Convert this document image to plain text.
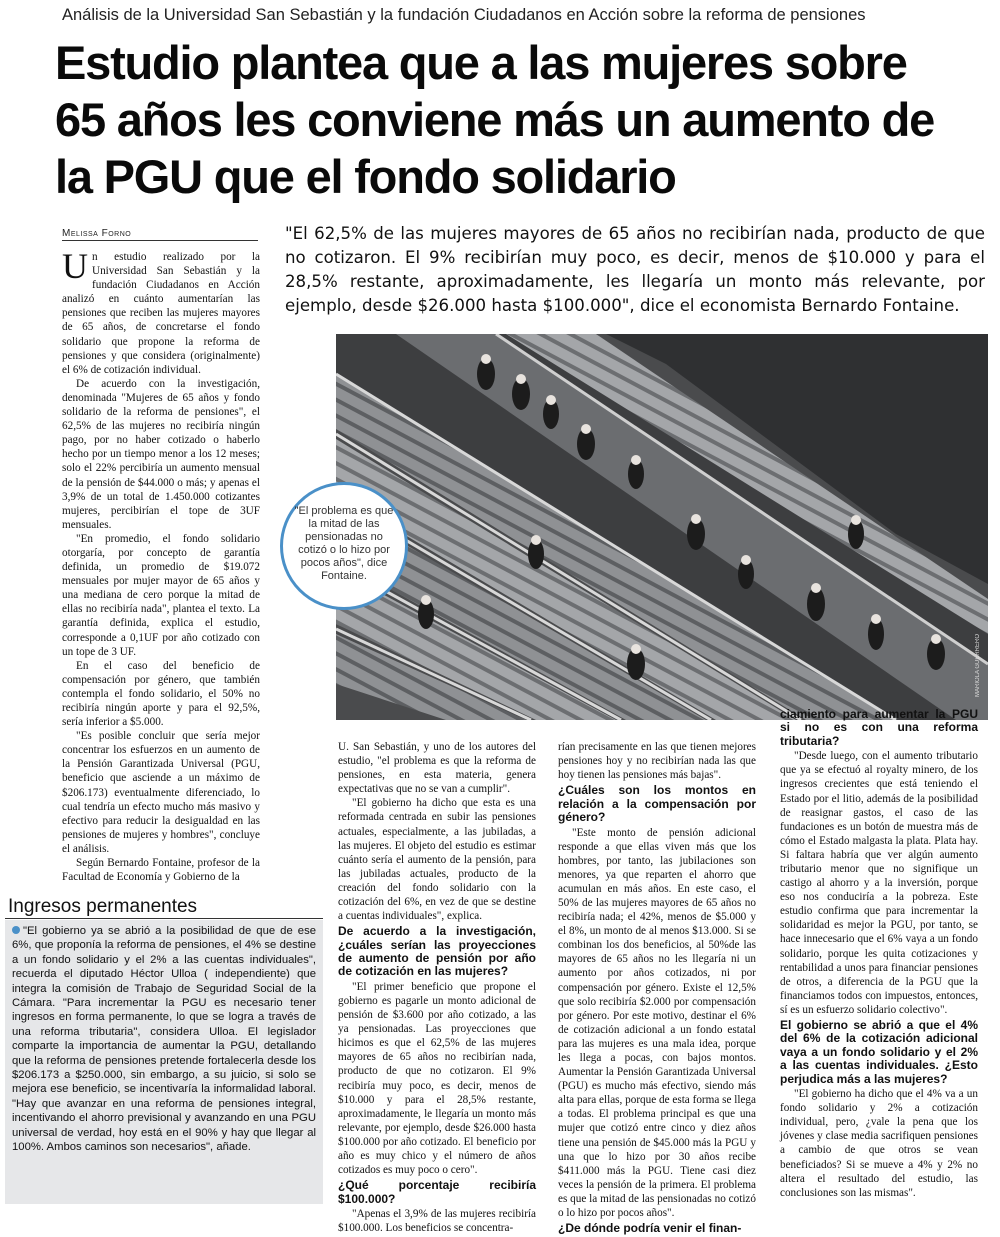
Análisis de la Universidad San Sebastián y la fundación Ciudadanos en Acción sobre la reforma de pensiones
Estudio plantea que a las mujeres sobre
65 años les conviene más un aumento de
la PGU que el fondo solidario
Melissa Forno	"El 62,5% de las mujeres mayores de 65 años no recibirían nada, producto de que no cotizaron. El 9% recibirían muy poco, es decir, menos de $10.000 y para el 28,5% restante, aproximadamente, les llegaría un monto más relevante, por ejemplo, desde $26.000 hasta $100.000", dice el economista Bernardo Fontaine.
MARIOLA GUERRERO
"El problema es que la mitad de las pensionadas no cotizó o lo hizo por pocos años", dice Fontaine.

Un estudio realizado por la Universidad San Sebastián y la fundación Ciudadanos en Acción analizó en cuánto aumentarían las pensiones que reciben las mujeres mayores de 65 años, de concretarse el fondo solidario que propone la reforma de pensiones y que considera (originalmente) el 6% de cotización individual.

De acuerdo con la investigación, denominada "Mujeres de 65 años y fondo solidario de la reforma de pensiones", el 62,5% de las mujeres no recibiría ningún pago, por no haber cotizado o haberlo hecho por un tiempo menor a los 12 meses; solo el 22% percibiría un aumento mensual de la pensión de $44.000 o más; y apenas el 3,9% de un total de 1.450.000 cotizantes mujeres, percibirían el tope de 3UF mensuales.

"En promedio, el fondo solidario otorgaría, por concepto de garantía definida, un promedio de $19.072 mensuales por mujer mayor de 65 años y una mediana de cero porque la mitad de ellas no recibiría nada", plantea el texto. La garantía definida, explica el estudio, corresponde a 0,1UF por año cotizado con un tope de 3 UF.

En el caso del beneficio de compensación por género, que también contempla el fondo solidario, el 50% no recibiría ningún aporte y para el 92,5%, sería inferior a $5.000.

"Es posible concluir que sería mejor concentrar los esfuerzos en un aumento de la Pensión Garantizada Universal (PGU, beneficio que asciende a un máximo de $206.173) eventualmente diferenciado, lo cual tendría un efecto mucho más masivo y efectivo para reducir la desigualdad en las pensiones de mujeres y hombres", concluye el análisis.

Según Bernardo Fontaine, profesor de la Facultad de Economía y Gobierno de la

U. San Sebastián, y uno de los autores del estudio, "el problema es que la reforma de pensiones, en esta materia, genera expectativas que no se van a cumplir".

"El gobierno ha dicho que esta es una reformada centrada en subir las pensiones actuales, especialmente, a las jubiladas, a las mujeres. El objeto del estudio es estimar cuánto sería el aumento de la pensión, para las jubiladas actuales, producto de la creación del fondo solidario con la cotización del 6%, en vez de que se destine a cuentas individuales", explica.

De acuerdo a la investigación, ¿cuáles serían las proyecciones de aumento de pensión por año de cotización en las mujeres?

"El primer beneficio que propone el gobierno es pagarle un monto adicional de pensión de $3.600 por año cotizado, a las ya pensionadas. Las proyecciones que hicimos es que el 62,5% de las mujeres mayores de 65 años no recibirían nada, producto de que no cotizaron. El 9% recibiría muy poco, es decir, menos de $10.000 y para el 28,5% restante, aproximadamente, le llegaría un monto más relevante, por ejemplo, desde $26.000 hasta $100.000 por año cotizado. El beneficio por año es muy chico y el número de años cotizados es muy poco o cero".

¿Qué porcentaje recibiría $100.000?

"Apenas el 3,9% de las mujeres recibiría $100.000. Los beneficios se concentra-

rían precisamente en las que tienen mejores pensiones hoy y no recibirían nada las que hoy tienen las pensiones más bajas".

¿Cuáles son los montos en relación a la compensación por género?

"Este monto de pensión adicional responde a que ellas viven más que los hombres, por tanto, las jubilaciones son menores, ya que reparten el ahorro que acumulan en más años. En este caso, el 50% de las mujeres mayores de 65 años no recibiría nada; el 42%, menos de $5.000 y el 8%, un monto de al menos $13.000. Si se combinan los dos beneficios, al 50%de las mayores de 65 años no les llegaría ni un aumento por años cotizados, ni por compensación por género. Existe el 12,5% que solo recibiría $2.000 por compensación por género. Por este motivo, destinar el 6% de cotización adicional a un fondo estatal para las mujeres es una mala idea, porque les llega a pocas, con bajos montos. Aumentar la Pensión Garantizada Universal (PGU) es mucho más efectivo, siendo más alta para ellas, porque de esta forma se llega a todas. El problema principal es que una mujer que cotizó entre cinco y diez años tiene una pensión de $45.000 más la PGU y una que lo hizo por 30 años recibe $411.000 más la PGU. Tiene casi diez veces la pensión de la primera. El problema es que la mitad de las pensionadas no cotizó o lo hizo por pocos años".

¿De dónde podría venir el finan-
ciamiento para aumentar la PGU si no es con una reforma tributaria?

"Desde luego, con el aumento tributario que ya se efectuó al royalty minero, de los ingresos crecientes que está teniendo el Estado por el litio, además de la posibilidad de reasignar gastos, el caso de las fundaciones es un botón de muestra más de cómo el Estado malgasta la plata. Plata hay. Si faltara habría que ver algún aumento tributario menor que no signifique un castigo al ahorro y a la inversión, porque eso nos conduciría a la pobreza. Este estudio confirma que para incrementar la solidaridad es mejor la PGU, por tanto, se hace innecesario que el 6% vaya a un fondo solidario, porque les quita cotizaciones y rentabilidad a unos para financiar pensiones de otros, a diferencia de la PGU que la financiamos todos con impuestos, entonces, sí es un esfuerzo solidario colectivo".

El gobierno se abrió a que el 4% del 6% de la cotización adicional vaya a un fondo solidario y el 2% a las cuentas individuales. ¿Esto perjudica más a las mujeres?

"El gobierno ha dicho que el 4% va a un fondo solidario y 2% a cotización individual, pero, ¿vale la pena que los jóvenes y clase media sacrifiquen pensiones a cambio de que otros se vean beneficiados? Si se mueve a 4% y 2% no altera el resultado del estudio, las conclusiones son las mismas".

Ingresos permanentes
"El gobierno ya se abrió a la posibilidad de que de ese 6%, que proponía la reforma de pensiones, el 4% se destine a un fondo solidario y el 2% a las cuentas individuales", recuerda el diputado Héctor Ulloa ( independiente) que integra la comisión de Trabajo de Seguridad Social de la Cámara. "Para incrementar la PGU es necesario tener ingresos en forma permanente, lo que se logra a través de una reforma tributaria", considera Ulloa. El legislador comparte la importancia de aumentar la PGU, detallando que la reforma de pensiones pretende fortalecerla desde los $206.173 a $250.000, sin embargo, a su juicio, si solo se mejora ese beneficio, se incentivaría la informalidad laboral. "Hay que avanzar en una reforma de pensiones integral, incentivando el ahorro previsional y avanzando en una PGU universal de verdad, hoy está en el 90% y hay que llegar al 100%. Ambos caminos son necesarios", añade.
